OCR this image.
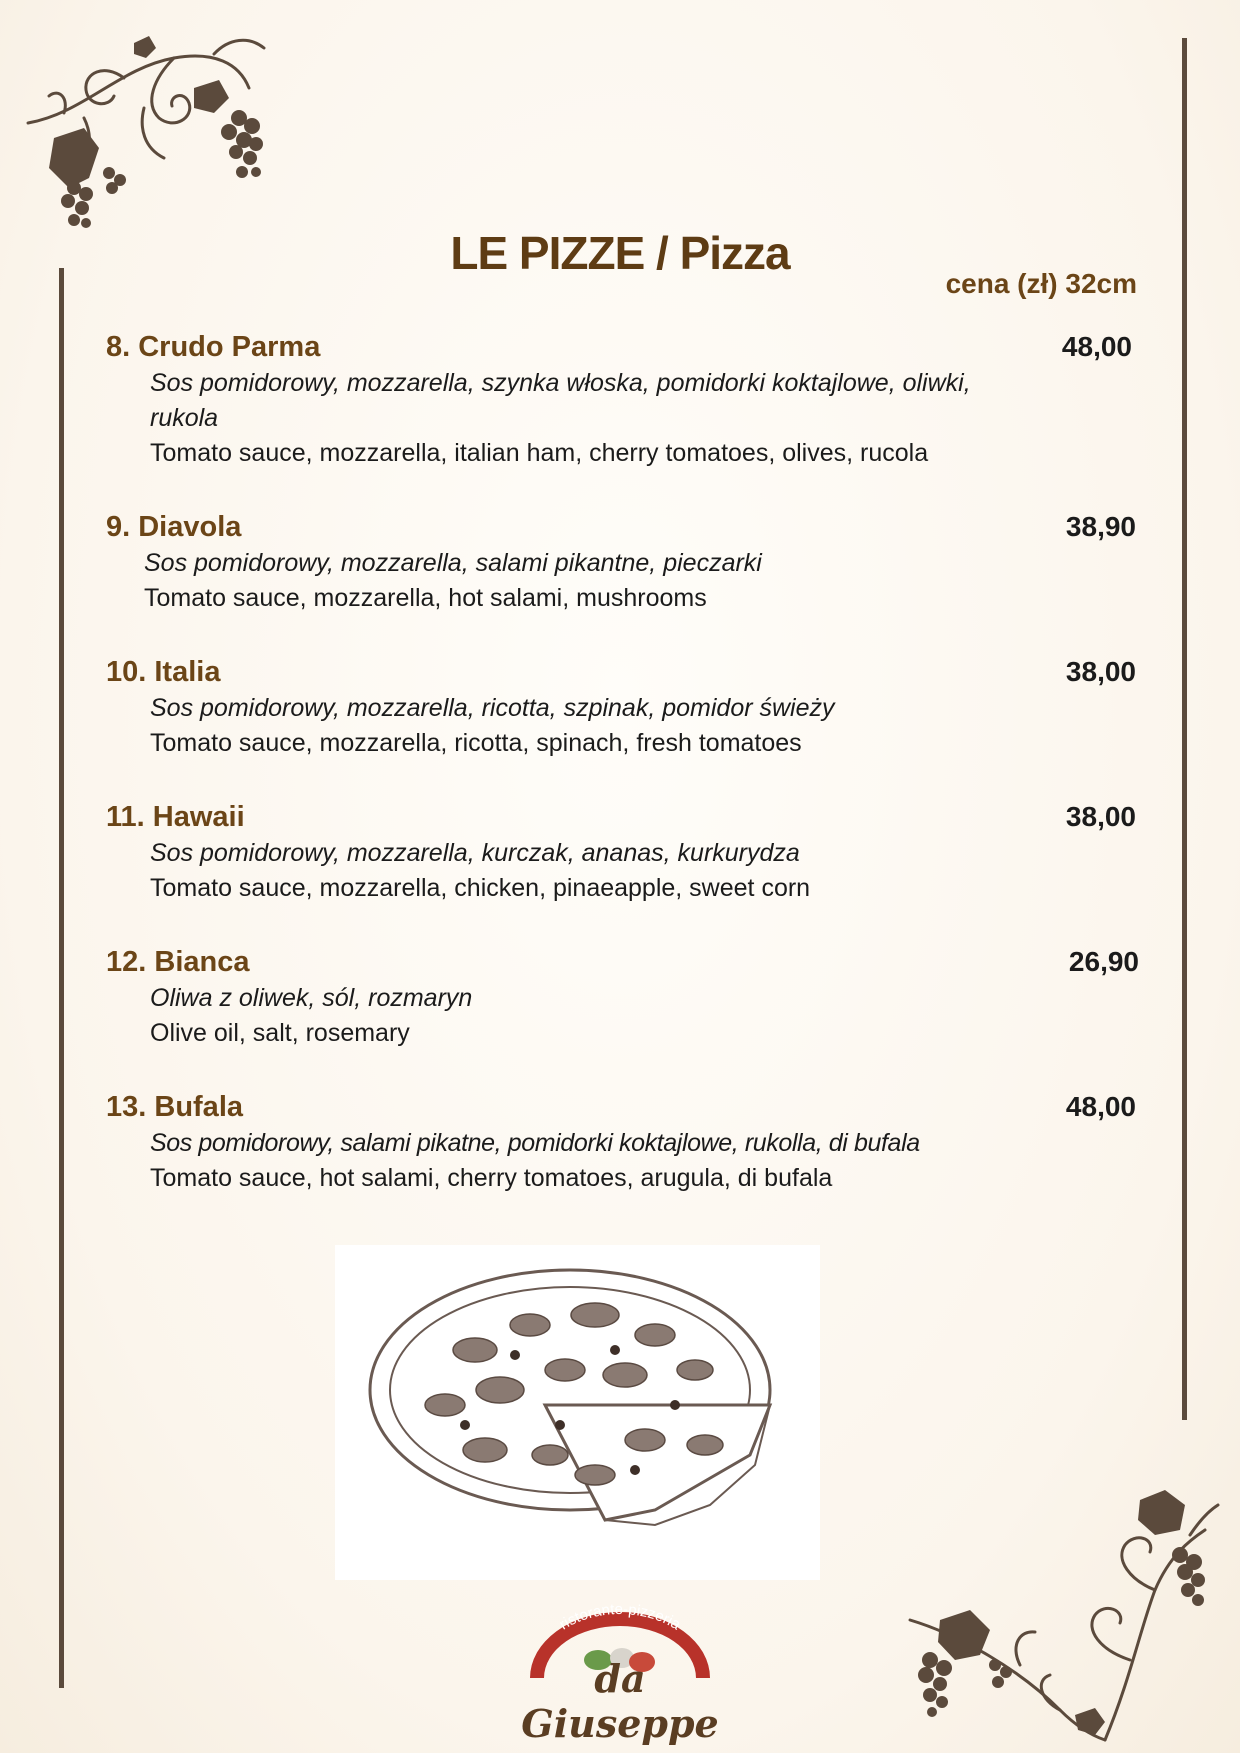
LE PIZZE / Pizza
cena (zł) 32cm
8. Crudo Parma	48,00
Sos pomidorowy, mozzarella, szynka włoska, pomidorki koktajlowe, oliwki, rukola
Tomato sauce, mozzarella, italian ham, cherry tomatoes, olives, rucola
9. Diavola	38,90
Sos pomidorowy, mozzarella, salami pikantne, pieczarki
Tomato sauce, mozzarella, hot salami, mushrooms
10. Italia	38,00
Sos pomidorowy, mozzarella, ricotta, szpinak, pomidor świeży
Tomato sauce, mozzarella, ricotta, spinach, fresh tomatoes
11. Hawaii	38,00
Sos pomidorowy, mozzarella, kurczak, ananas, kurkurydza
Tomato sauce, mozzarella, chicken, pinaeapple, sweet corn
12. Bianca	26,90
Oliwa z oliwek, sól, rozmaryn
Olive oil, salt, rosemary
13. Bufala	48,00
Sos pomidorowy, salami pikatne, pomidorki koktajlowe, rukolla, di bufala
Tomato sauce, hot salami, cherry tomatoes, arugula, di bufala
ristorante-pizzeria
da Giuseppe
